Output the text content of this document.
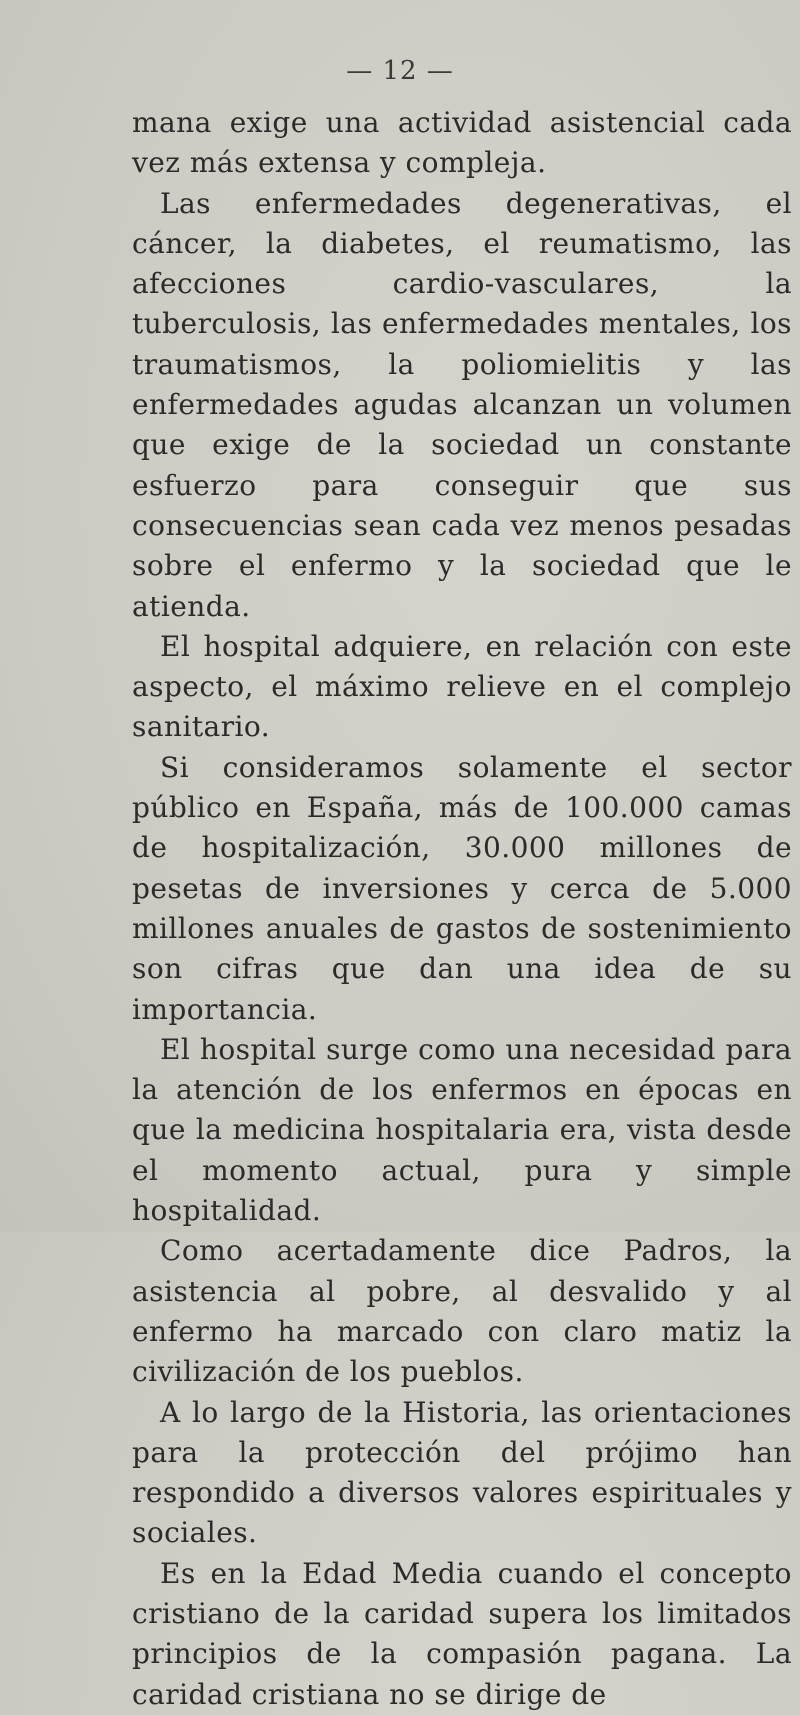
— 12 —

mana exige una actividad asistencial cada vez más extensa y compleja.

Las enfermedades degenerativas, el cáncer, la diabetes, el reumatismo, las afecciones cardio-vasculares, la tuberculosis, las enfermedades mentales, los traumatismos, la poliomielitis y las enfermedades agudas alcanzan un volumen que exige de la sociedad un constante esfuerzo para conseguir que sus consecuencias sean cada vez menos pesadas sobre el enfermo y la sociedad que le atienda.

El hospital adquiere, en relación con este aspecto, el máximo relieve en el complejo sanitario.

Si consideramos solamente el sector público en España, más de 100.000 camas de hospitalización, 30.000 millones de pesetas de inversiones y cerca de 5.000 millones anuales de gastos de sostenimiento son cifras que dan una idea de su importancia.

El hospital surge como una necesidad para la atención de los enfermos en épocas en que la medicina hospitalaria era, vista desde el momento actual, pura y simple hospitalidad.

Como acertadamente dice Padros, la asistencia al pobre, al desvalido y al enfermo ha marcado con claro matiz la civilización de los pueblos.

A lo largo de la Historia, las orientaciones para la protección del prójimo han respondido a diversos valores espirituales y sociales.

Es en la Edad Media cuando el concepto cristiano de la caridad supera los limitados principios de la compasión pagana. La caridad cristiana no se dirige de
